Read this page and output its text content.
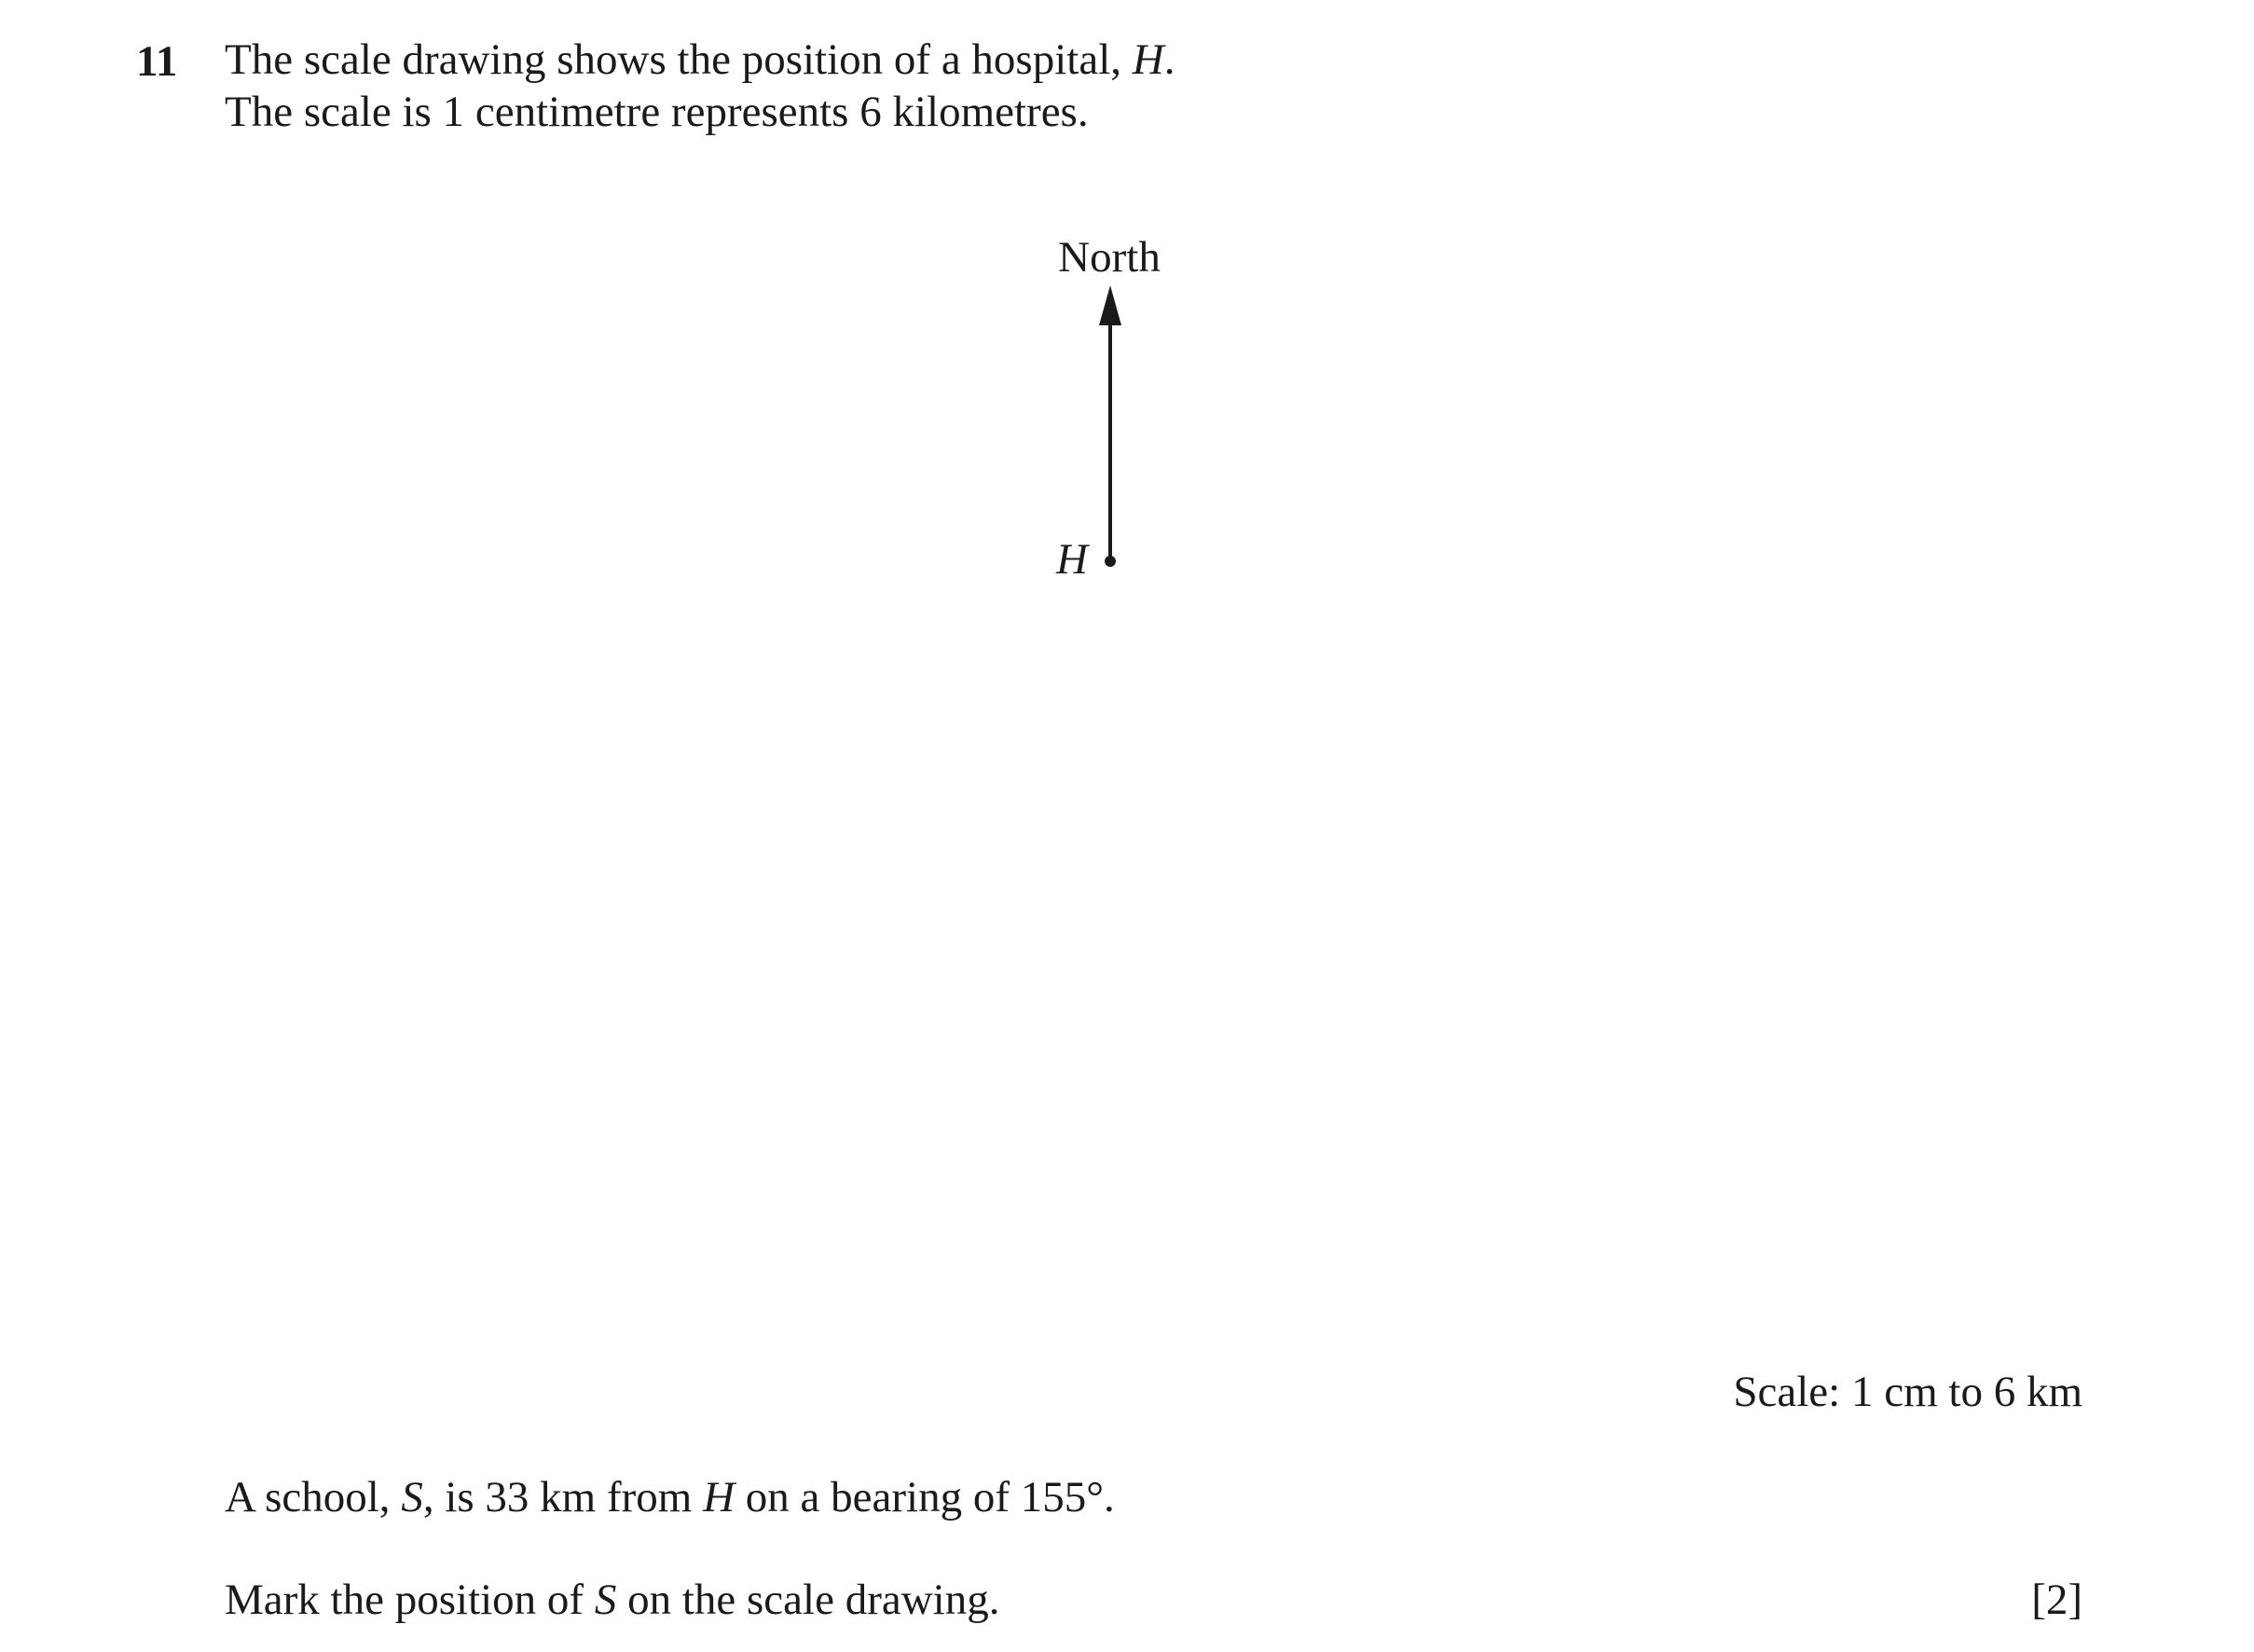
11 The scale drawing shows the position of a hospital, H.
The scale is 1 centimetre represents 6 kilometres.
North
H
Scale: 1 cm to 6 km
A school, S, is 33 km from H on a bearing of 155°.
Mark the position of S on the scale drawing.	[2]
